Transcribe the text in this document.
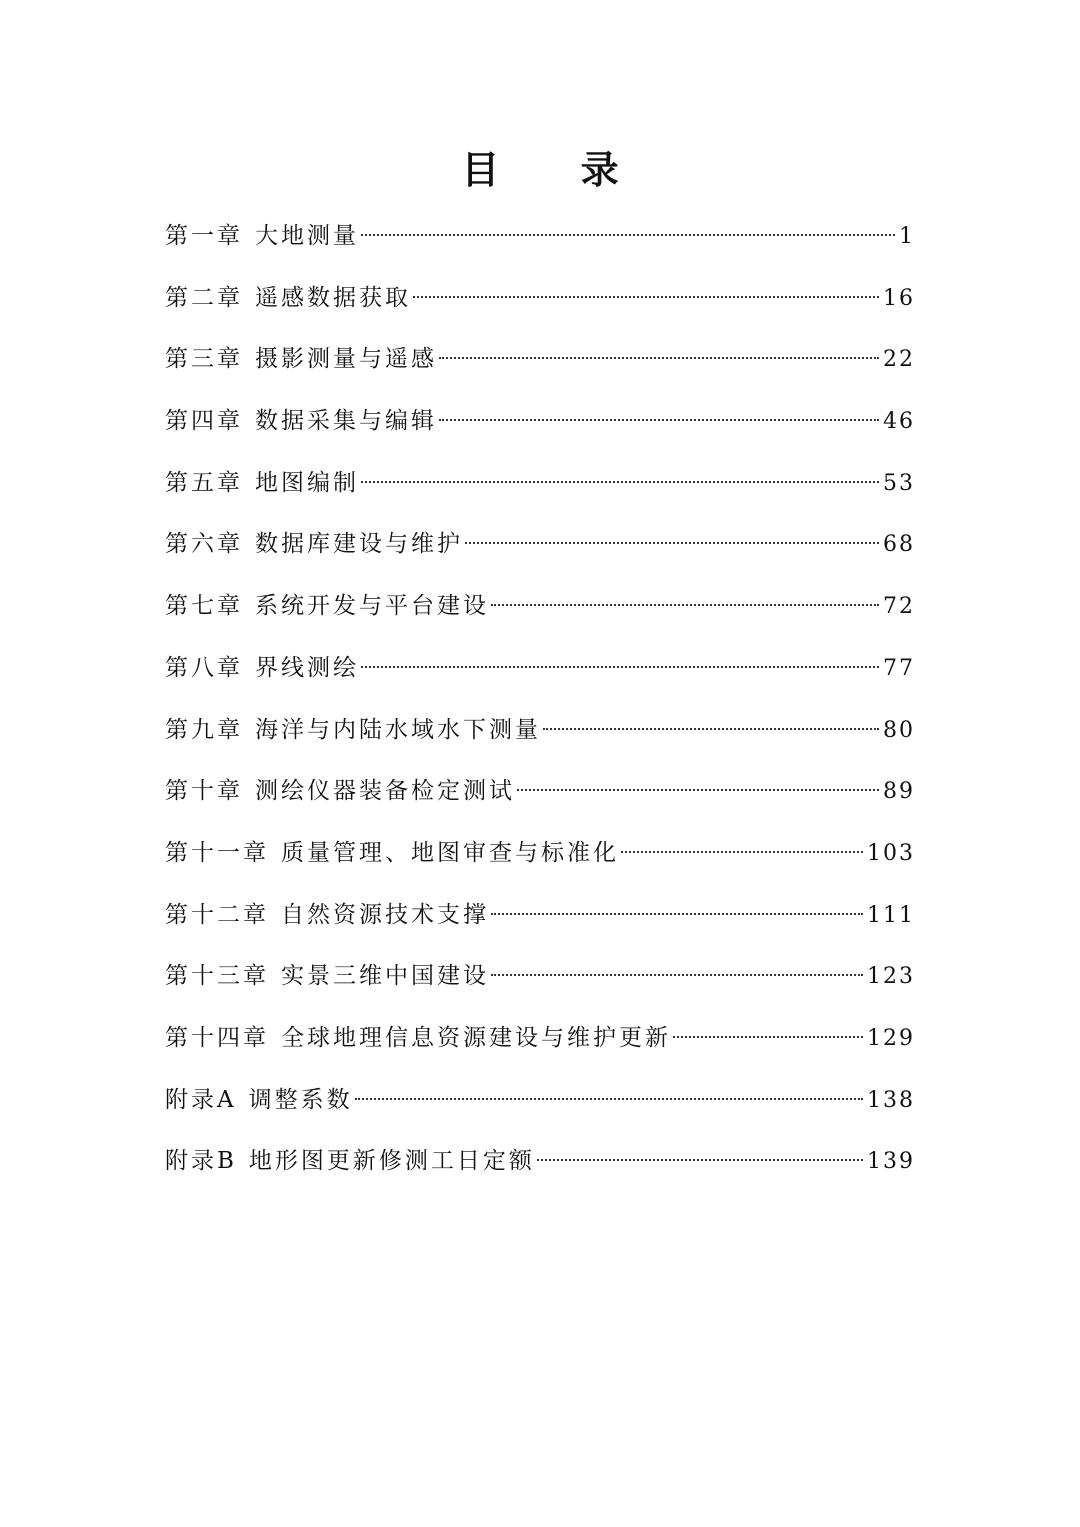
目 录
第一章 大地测量	1
第二章 遥感数据获取	16
第三章 摄影测量与遥感	22
第四章 数据采集与编辑	46
第五章 地图编制	53
第六章 数据库建设与维护	68
第七章 系统开发与平台建设	72
第八章 界线测绘	77
第九章 海洋与内陆水域水下测量	80
第十章 测绘仪器装备检定测试	89
第十一章 质量管理、地图审查与标准化	103
第十二章 自然资源技术支撑	111
第十三章 实景三维中国建设	123
第十四章 全球地理信息资源建设与维护更新	129
附录A 调整系数	138
附录B 地形图更新修测工日定额	139
